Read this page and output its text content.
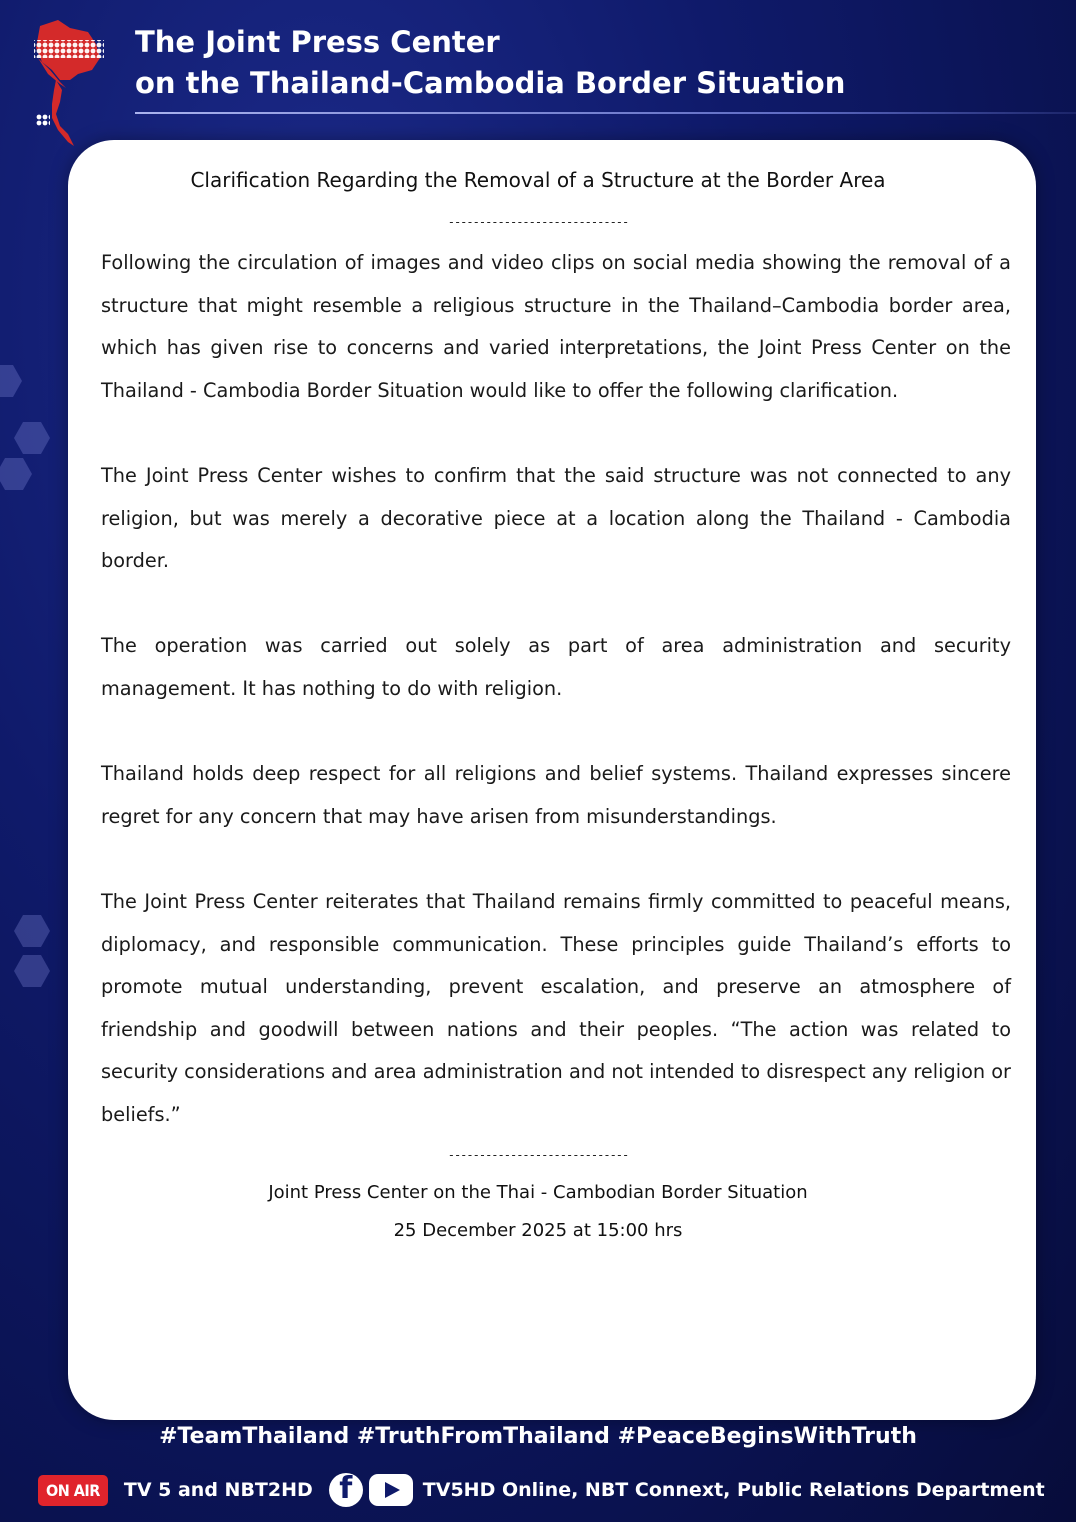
The Joint Press Center
on the Thailand-Cambodia Border Situation
Clarification Regarding the Removal of a Structure at the Border Area
-----------------------------

Following the circulation of images and video clips on social media showing the removal of a structure that might resemble a religious structure in the Thailand–Cambodia border area, which has given rise to concerns and varied interpretations, the Joint Press Center on the Thailand - Cambodia Border Situation would like to offer the following clarification.

The Joint Press Center wishes to confirm that the said structure was not connected to any religion, but was merely a decorative piece at a location along the Thailand - Cambodia border.

The operation was carried out solely as part of area administration and security management. It has nothing to do with religion.

Thailand holds deep respect for all religions and belief systems. Thailand expresses sincere regret for any concern that may have arisen from misunderstandings.

The Joint Press Center reiterates that Thailand remains firmly committed to peaceful means, diplomacy, and responsible communication. These principles guide Thailand’s efforts to promote mutual understanding, prevent escalation, and preserve an atmosphere of friendship and goodwill between nations and their peoples. “The action was related to security considerations and area administration and not intended to disrespect any religion or beliefs.”

-----------------------------
Joint Press Center on the Thai - Cambodian Border Situation
25 December 2025 at 15:00 hrs
#TeamThailand #TruthFromThailand #PeaceBeginsWithTruth
ON AIR	TV 5 and NBT2HD
f	TV5HD Online, NBT Connext, Public Relations Department
